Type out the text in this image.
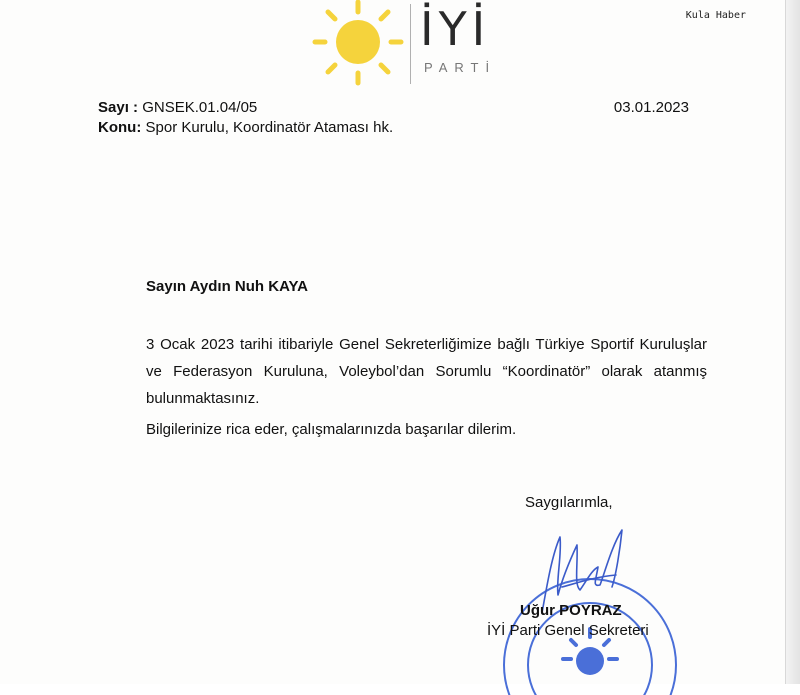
Kula Haber
İYİ
PARTİ
Sayı : GNSEK.01.04/05
Konu: Spor Kurulu, Koordinatör Ataması hk.
03.01.2023
Sayın Aydın Nuh KAYA

3 Ocak 2023 tarihi itibariyle Genel Sekreterliğimize bağlı Türkiye Sportif Kuruluşlar ve Federasyon Kuruluna, Voleybol’dan Sorumlu “Koordinatör” olarak atanmış bulunmaktasınız.

Bilgilerinize rica eder, çalışmalarınızda başarılar dilerim.

Saygılarımla,
Uğur POYRAZ
İYİ Parti Genel Sekreteri
